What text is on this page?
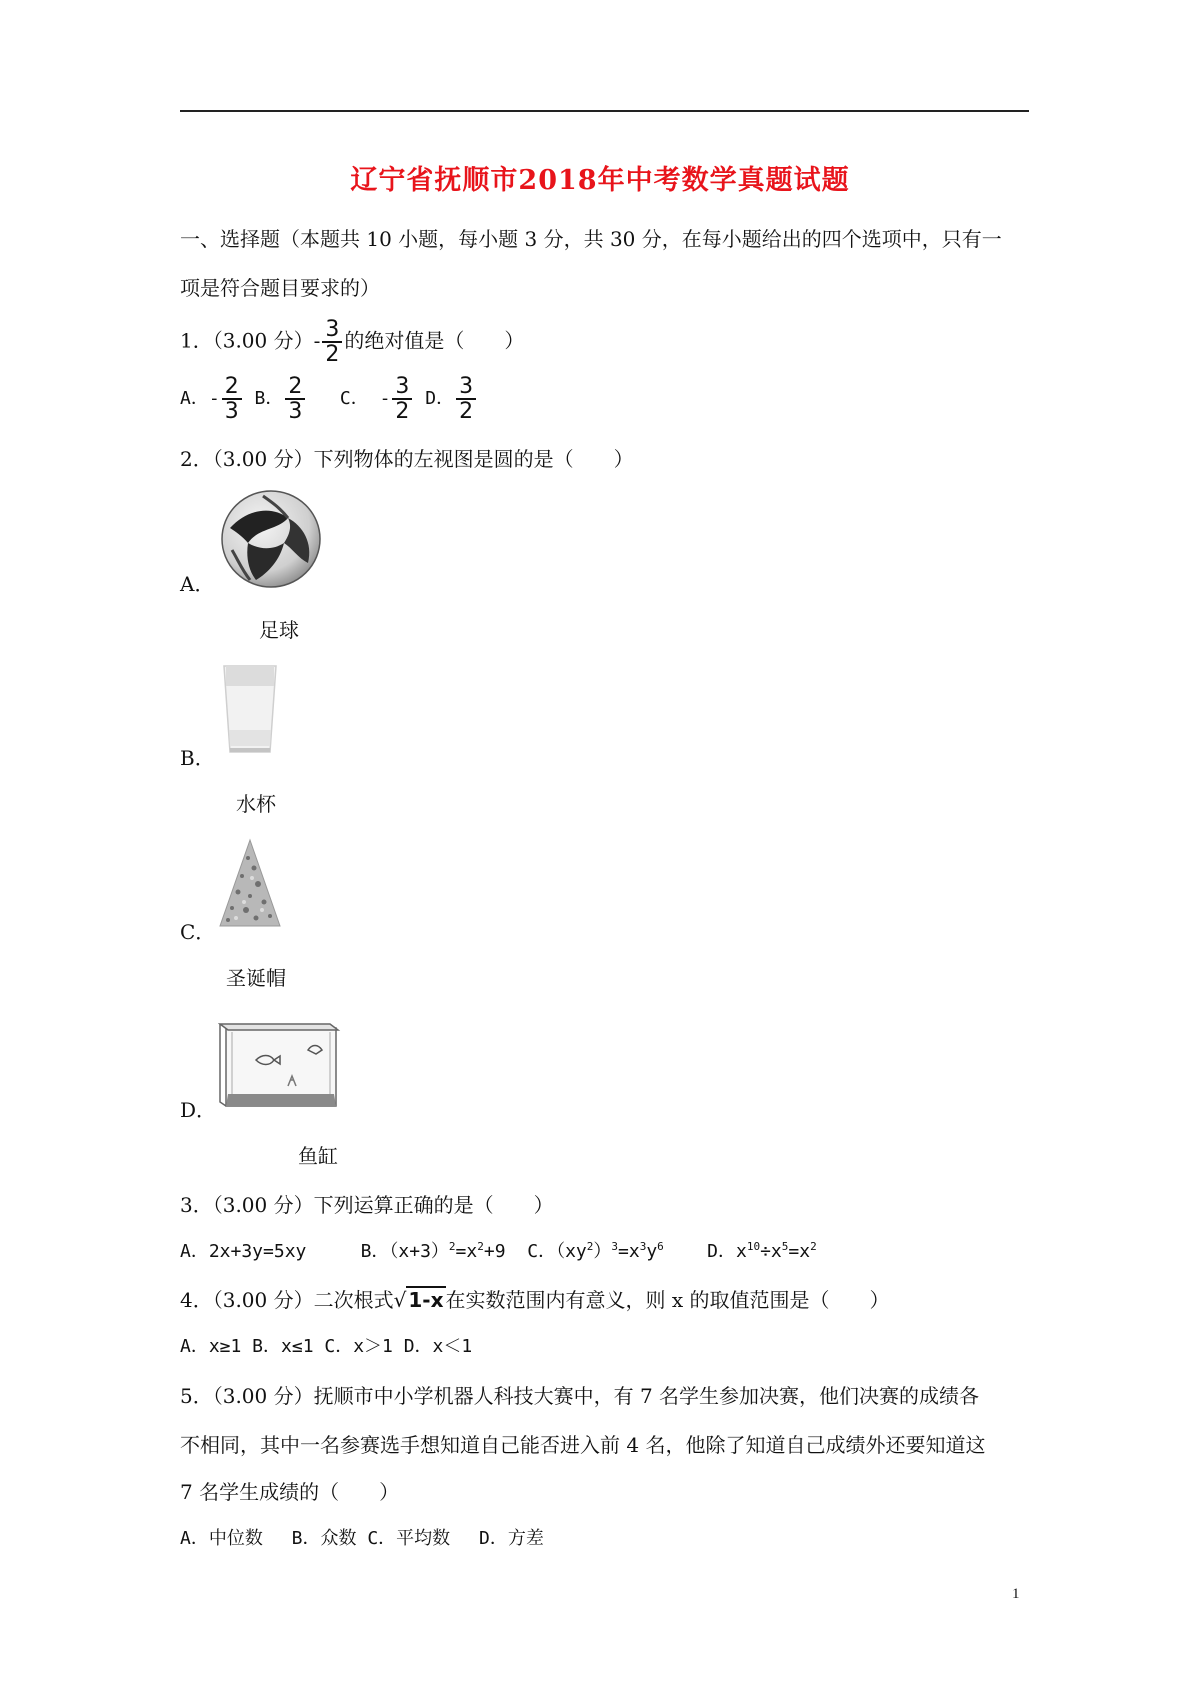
辽宁省抚顺市2018年中考数学真题试题
一、选择题（本题共 10 小题，每小题 3 分，共 30 分，在每小题给出的四个选项中，只有一
项是符合题目要求的）
1．（3.00 分）- $\frac{3}{2}$ 的绝对值是（　　）
A．- $\frac{2}{3}$ B． $\frac{2}{3}$ C． - $\frac{3}{2}$ D． $\frac{3}{2}$
2．（3.00 分）下列物体的左视图是圆的是（　　）
A．
足球
B．
水杯
C．
圣诞帽
D．
鱼缸
3．（3.00 分）下列运算正确的是（　　）
A．2x+3y=5xy	B．$(x+3)^2=x^2+9$ C．$(xy^2)^3=x^3y^6$ D．$x^{10}\div x^5=x^2$
4．（3.00 分）二次根式√ 1-x 在实数范围内有意义，则 x 的取值范围是（　　）
A．x≥1 B．x≤1 C．x＞1 D．x＜1
5．（3.00 分）抚顺市中小学机器人科技大赛中，有 7 名学生参加决赛，他们决赛的成绩各
不相同，其中一名参赛选手想知道自己能否进入前 4 名，他除了知道自己成绩外还要知道这
7 名学生成绩的（　　）
A．中位数　 B．众数 C．平均数　 D．方差
1
